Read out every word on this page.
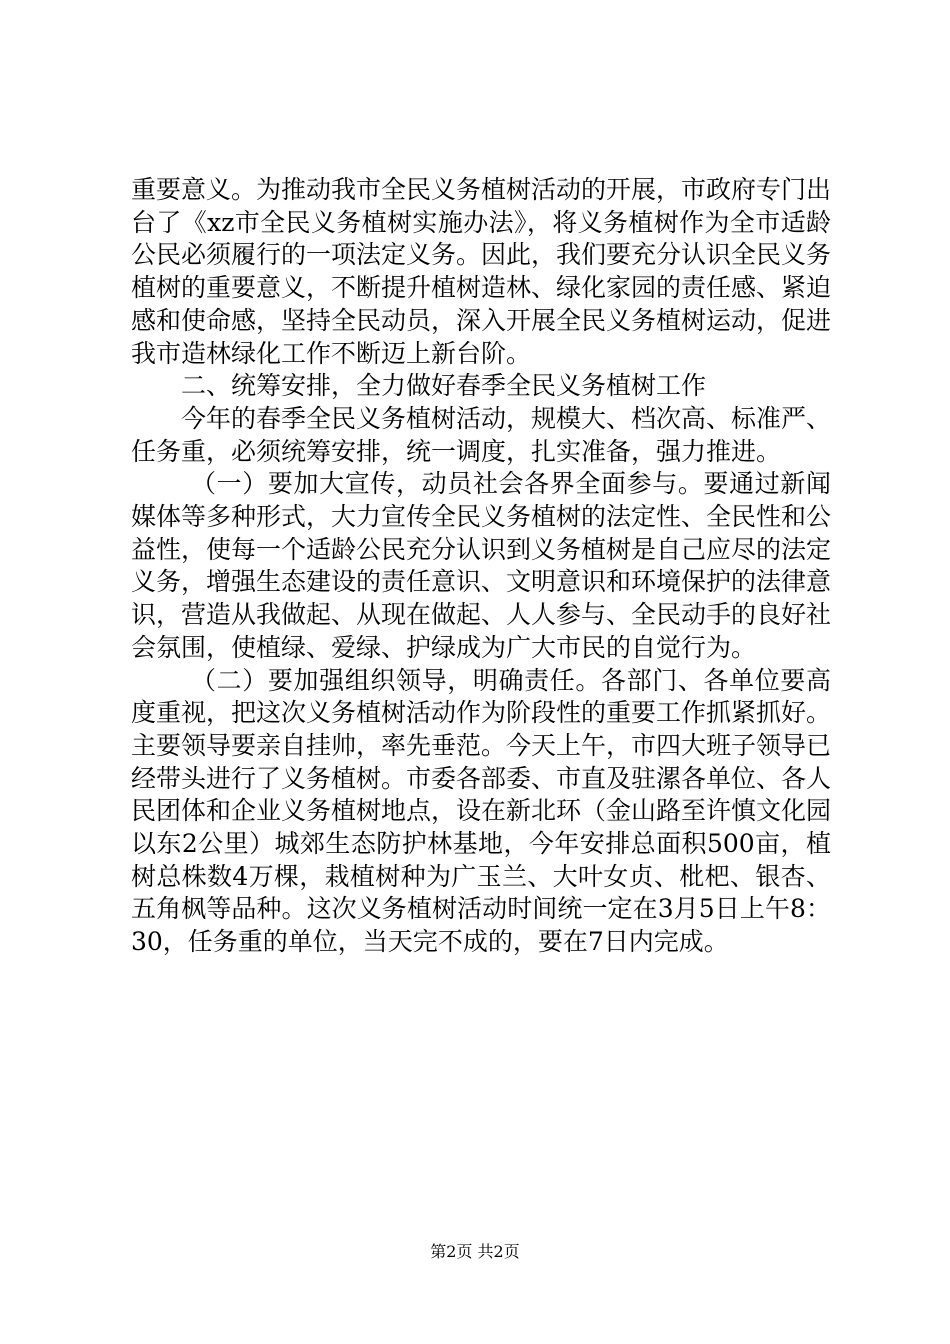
重要意义。为推动我市全民义务植树活动的开展，市政府专门出台了《xz市全民义务植树实施办法》，将义务植树作为全市适龄公民必须履行的一项法定义务。因此，我们要充分认识全民义务植树的重要意义，不断提升植树造林、绿化家园的责任感、紧迫感和使命感，坚持全民动员，深入开展全民义务植树运动，促进我市造林绿化工作不断迈上新台阶。

二、统筹安排，全力做好春季全民义务植树工作

今年的春季全民义务植树活动，规模大、档次高、标准严、任务重，必须统筹安排，统一调度，扎实准备，强力推进。

（一）要加大宣传，动员社会各界全面参与。要通过新闻媒体等多种形式，大力宣传全民义务植树的法定性、全民性和公益性，使每一个适龄公民充分认识到义务植树是自己应尽的法定义务，增强生态建设的责任意识、文明意识和环境保护的法律意识，营造从我做起、从现在做起、人人参与、全民动手的良好社会氛围，使植绿、爱绿、护绿成为广大市民的自觉行为。

（二）要加强组织领导，明确责任。各部门、各单位要高度重视，把这次义务植树活动作为阶段性的重要工作抓紧抓好。主要领导要亲自挂帅，率先垂范。今天上午，市四大班子领导已经带头进行了义务植树。市委各部委、市直及驻漯各单位、各人民团体和企业义务植树地点，设在新北环（金山路至许慎文化园以东2公里）城郊生态防护林基地，今年安排总面积500亩，植树总株数4万棵，栽植树种为广玉兰、大叶女贞、枇杷、银杏、五角枫等品种。这次义务植树活动时间统一定在3月5日上午8：30，任务重的单位，当天完不成的，要在7日内完成。

第2页 共2页
